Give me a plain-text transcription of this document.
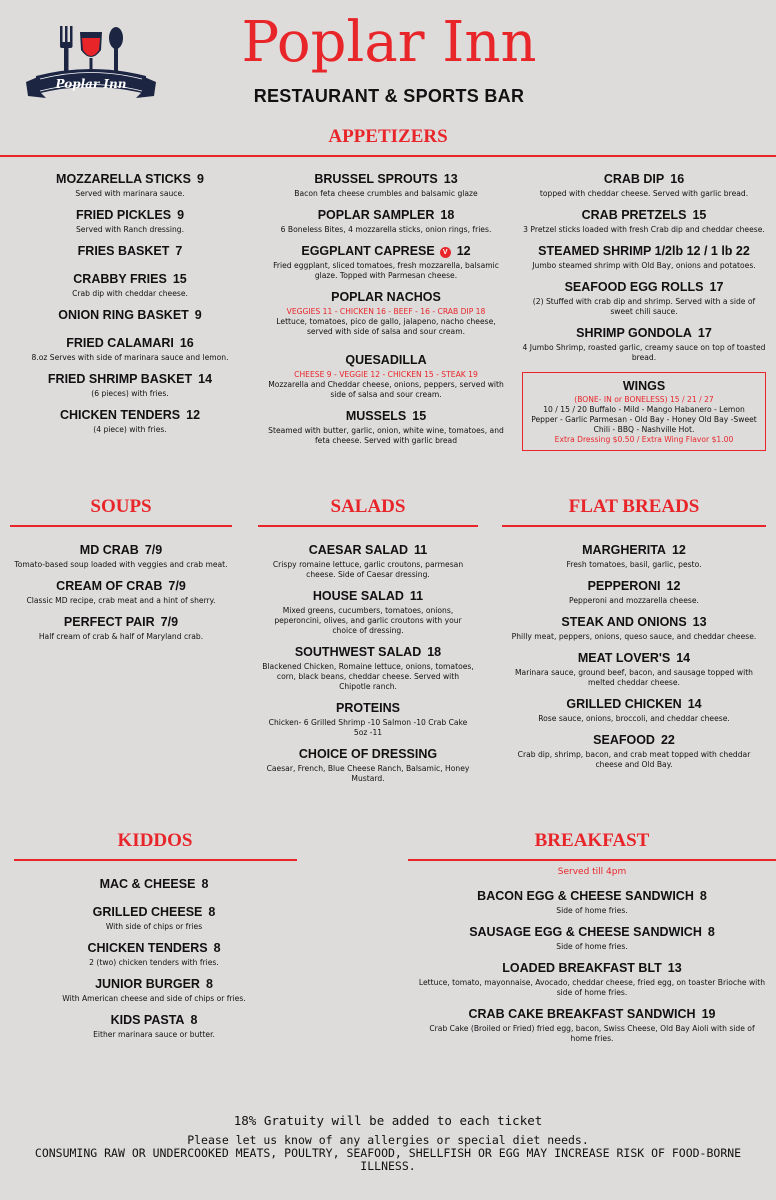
Poplar Inn
Poplar Inn
RESTAURANT & SPORTS BAR
APPETIZERS
MOZZARELLA STICKS 9
Served with marinara sauce.
FRIED PICKLES 9
Served with Ranch dressing.
FRIES BASKET 7
CRABBY FRIES 15
Crab dip with cheddar cheese.
ONION RING BASKET 9
FRIED CALAMARI 16
8.oz Serves with side of marinara sauce and lemon.
FRIED SHRIMP BASKET 14
(6 pieces) with fries.
CHICKEN TENDERS 12
(4 piece) with fries.
BRUSSEL SPROUTS 13
Bacon feta cheese crumbles and balsamic glaze
POPLAR SAMPLER 18
6 Boneless Bites, 4 mozzarella sticks, onion rings, fries.
EGGPLANT CAPRESE V 12
Fried eggplant, sliced tomatoes, fresh mozzarella, balsamic glaze. Topped with Parmesan cheese.
POPLAR NACHOS
VEGGIES 11 - CHICKEN 16 - BEEF - 16 - CRAB DIP 18
Lettuce, tomatoes, pico de gallo, jalapeno, nacho cheese, served with side of salsa and sour cream.
QUESADILLA
CHEESE 9 - VEGGIE 12 - CHICKEN 15 - STEAK 19
Mozzarella and Cheddar cheese, onions, peppers, served with side of salsa and sour cream.
MUSSELS 15
Steamed with butter, garlic, onion, white wine, tomatoes, and feta cheese. Served with garlic bread
CRAB DIP 16
topped with cheddar cheese. Served with garlic bread.
CRAB PRETZELS 15
3 Pretzel sticks loaded with fresh Crab dip and cheddar cheese.
STEAMED SHRIMP 1/2lb 12 / 1 lb 22
Jumbo steamed shrimp with Old Bay, onions and potatoes.
SEAFOOD EGG ROLLS 17
(2) Stuffed with crab dip and shrimp. Served with a side of sweet chili sauce.
SHRIMP GONDOLA 17
4 Jumbo Shrimp, roasted garlic, creamy sauce on top of toasted bread.
WINGS
(BONE- IN or BONELESS) 15 / 21 / 27
10 / 15 / 20 Buffalo - Mild - Mango Habanero - Lemon Pepper - Garlic Parmesan - Old Bay - Honey Old Bay -Sweet Chili - BBQ - Nashville Hot.
Extra Dressing $0.50 / Extra Wing Flavor $1.00
SOUPS	SALADS	FLAT BREADS
MD CRAB 7/9
Tomato-based soup loaded with veggies and crab meat.
CREAM OF CRAB 7/9
Classic MD recipe, crab meat and a hint of sherry.
PERFECT PAIR 7/9
Half cream of crab & half of Maryland crab.
CAESAR SALAD 11
Crispy romaine lettuce, garlic croutons, parmesan cheese. Side of Caesar dressing.
HOUSE SALAD 11
Mixed greens, cucumbers, tomatoes, onions, peperoncini, olives, and garlic croutons with your choice of dressing.
SOUTHWEST SALAD 18
Blackened Chicken, Romaine lettuce, onions, tomatoes, corn, black beans, cheddar cheese. Served with Chipotle ranch.
PROTEINS
Chicken- 6 Grilled Shrimp -10 Salmon -10 Crab Cake 5oz -11
CHOICE OF DRESSING
Caesar, French, Blue Cheese Ranch, Balsamic, Honey Mustard.
MARGHERITA 12
Fresh tomatoes, basil, garlic, pesto.
PEPPERONI 12
Pepperoni and mozzarella cheese.
STEAK AND ONIONS 13
Philly meat, peppers, onions, queso sauce, and cheddar cheese.
MEAT LOVER'S 14
Marinara sauce, ground beef, bacon, and sausage topped with melted cheddar cheese.
GRILLED CHICKEN 14
Rose sauce, onions, broccoli, and cheddar cheese.
SEAFOOD 22
Crab dip, shrimp, bacon, and crab meat topped with cheddar cheese and Old Bay.
KIDDOS	BREAKFAST
MAC & CHEESE 8
GRILLED CHEESE 8
With side of chips or fries
CHICKEN TENDERS 8
2 (two) chicken tenders with fries.
JUNIOR BURGER 8
With American cheese and side of chips or fries.
KIDS PASTA 8
Either marinara sauce or butter.
Served till 4pm
BACON EGG & CHEESE SANDWICH 8
Side of home fries.
SAUSAGE EGG & CHEESE SANDWICH 8
Side of home fries.
LOADED BREAKFAST BLT 13
Lettuce, tomato, mayonnaise, Avocado, cheddar cheese, fried egg, on toaster Brioche with side of home fries.
CRAB CAKE BREAKFAST SANDWICH 19
Crab Cake (Broiled or Fried) fried egg, bacon, Swiss Cheese, Old Bay Aioli with side of home fries.
18% Gratuity will be added to each ticket
Please let us know of any allergies or special diet needs.
CONSUMING RAW OR UNDERCOOKED MEATS, POULTRY, SEAFOOD, SHELLFISH OR EGG MAY INCREASE RISK OF FOOD-BORNE ILLNESS.
